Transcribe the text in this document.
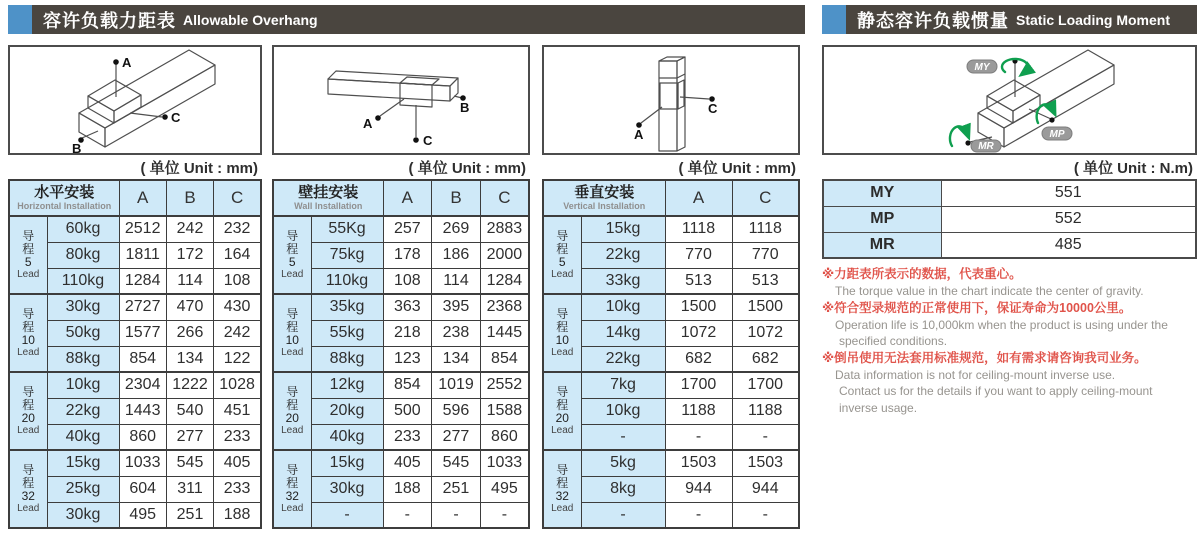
容许负载力距表 Allowable Overhang	静态容许负载惯量 Static Loading Moment
A
B
C	A
B
C	A
C
MY
MP
MR
( 单位 Unit : mm)	( 单位 Unit : mm)	( 单位 Unit : mm)	( 单位 Unit : N.m)
水平安装
Horizontal Installation		A	B	C

导程
5
Lead	60kg	2512	242	232
	80kg	1811	172	164
	110kg	1284	114	108

导程
10
Lead	30kg	2727	470	430
	50kg	1577	266	242
	88kg	854	134	122

导程
20
Lead	10kg	2304	1222	1028
	22kg	1443	540	451
	40kg	860	277	233

导程
32
Lead	15kg	1033	545	405
	25kg	604	311	233
	30kg	495	251	188
壁挂安装
Wall Installation		A	B	C

导程
5
Lead	55Kg	257	269	2883
	75kg	178	186	2000
	110kg	108	114	1284

导程
10
Lead	35kg	363	395	2368
	55kg	218	238	1445
	88kg	123	134	854

导程
20
Lead	12kg	854	1019	2552
	20kg	500	596	1588
	40kg	233	277	860

导程
32
Lead	15kg	405	545	1033
	30kg	188	251	495
	-	-	-	-
垂直安装
Vertical Installation		A	C

导程
5
Lead	15kg	1118	1118
	22kg	770	770
	33kg	513	513

导程
10
Lead	10kg	1500	1500
	14kg	1072	1072
	22kg	682	682

导程
20
Lead	7kg	1700	1700
	10kg	1188	1188
	-	-	-

导程
32
Lead	5kg	1503	1503
	8kg	944	944
	-	-	-
MY	551
MP	552
MR	485
※力距表所表示的数据，代表重心。
The torque value in the chart indicate the center of gravity.
※符合型录规范的正常使用下，保证寿命为10000公里。
Operation life is 10,000km when the product is using under the
specified conditions.
※倒吊使用无法套用标准规范，如有需求请咨询我司业务。
Data information is not for ceiling-mount inverse use.
Contact us for the details if you want to apply ceiling-mount
inverse usage.
